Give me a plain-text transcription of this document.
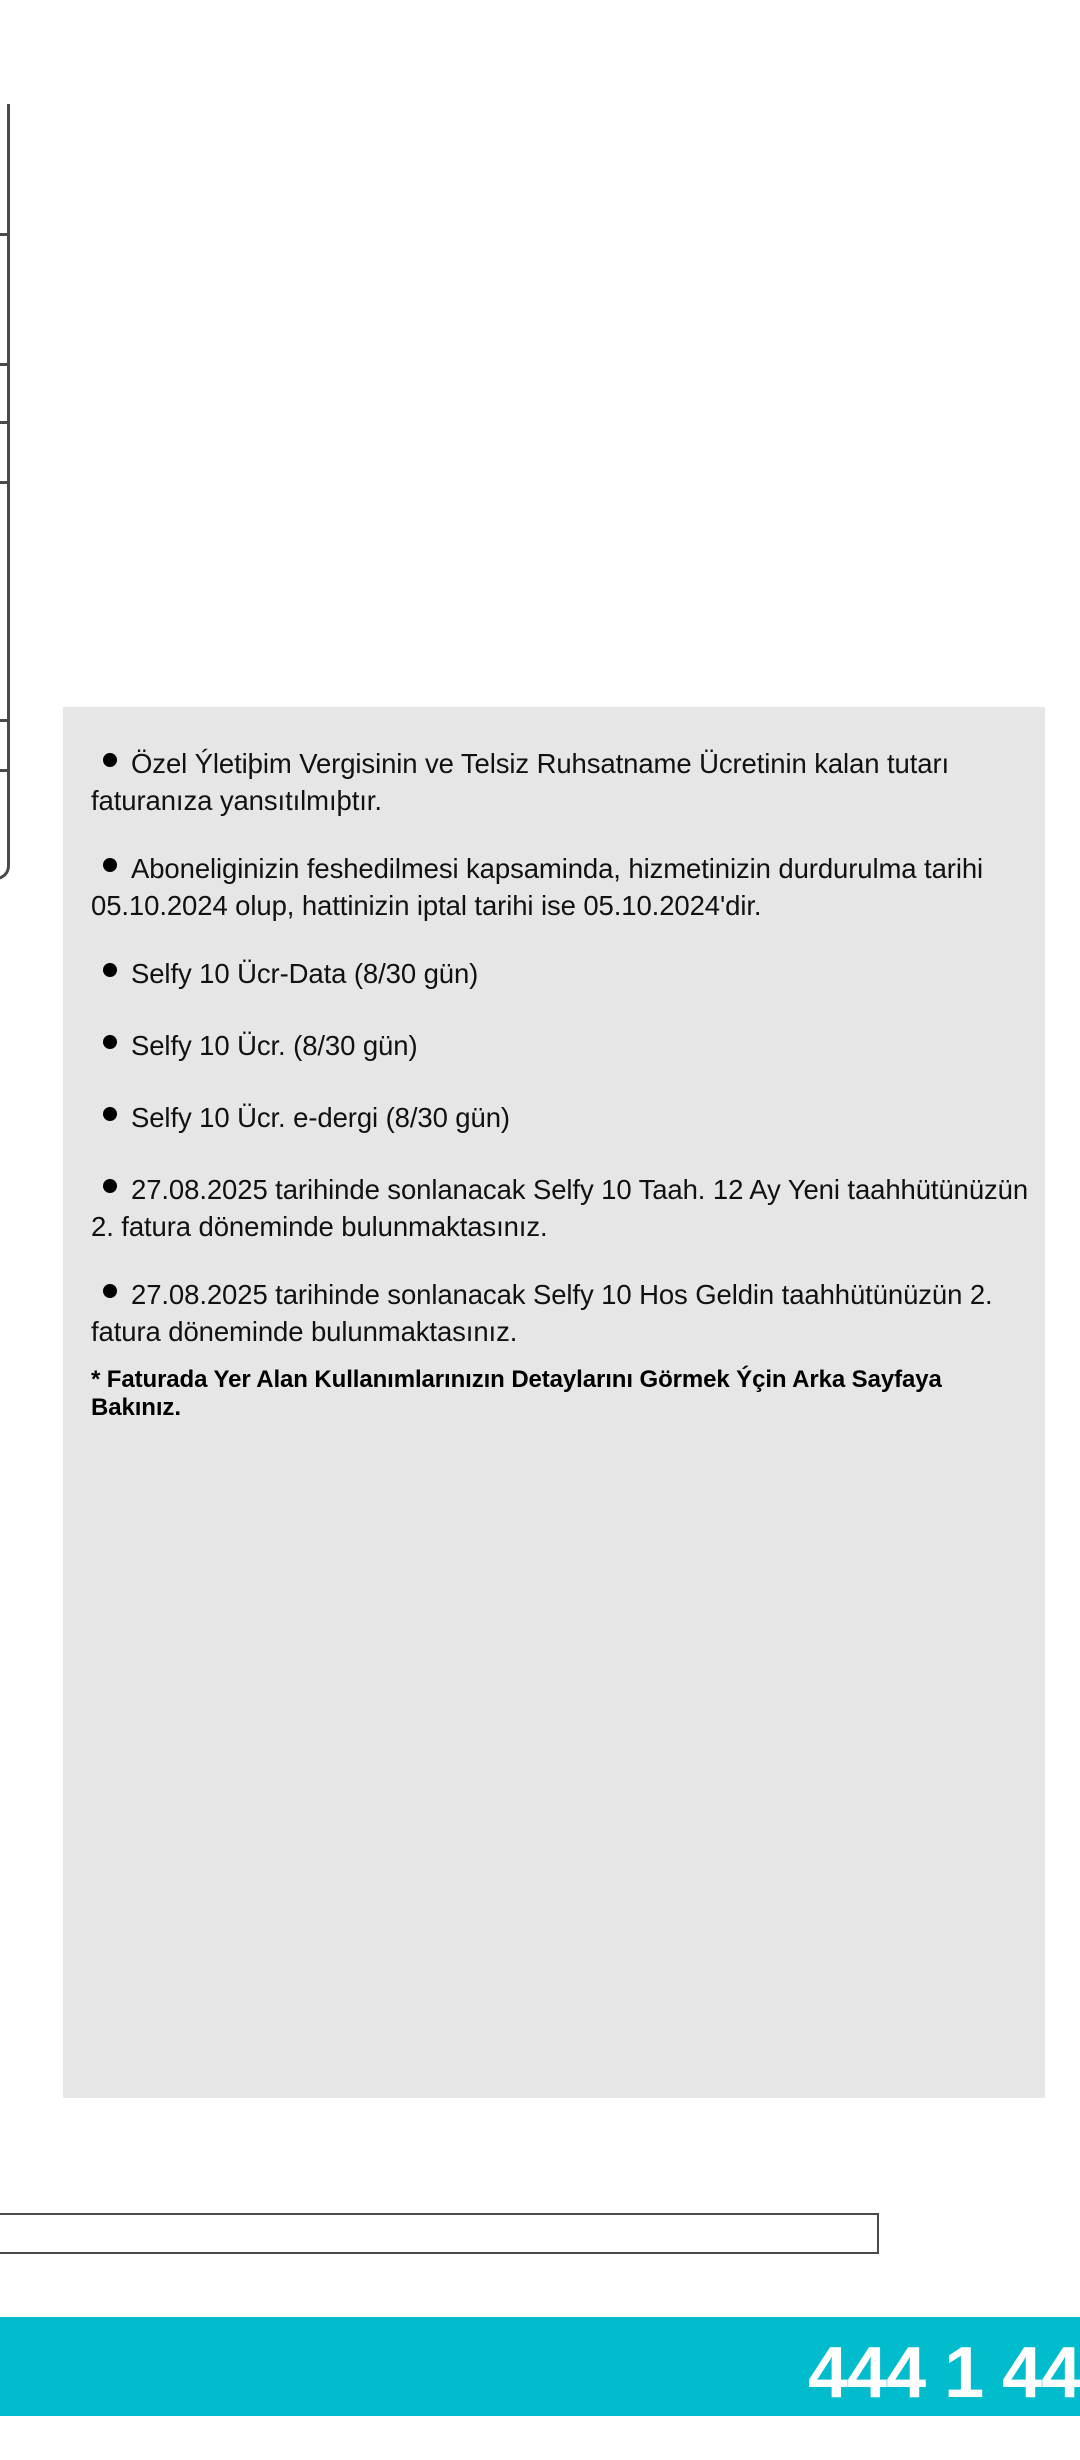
Özel Ýletiþim Vergisinin ve Telsiz Ruhsatname Ücretinin kalan tutarı faturanıza yansıtılmıþtır.
Aboneliginizin feshedilmesi kapsaminda, hizmetinizin durdurulma tarihi 05.10.2024 olup, hattinizin iptal tarihi ise 05.10.2024'dir.
Selfy 10 Ücr-Data (8/30 gün)
Selfy 10 Ücr. (8/30 gün)
Selfy 10 Ücr. e-dergi (8/30 gün)
27.08.2025 tarihinde sonlanacak Selfy 10 Taah. 12 Ay Yeni taahhütünüzün 2. fatura döneminde bulunmaktasınız.
27.08.2025 tarihinde sonlanacak Selfy 10 Hos Geldin taahhütünüzün 2. fatura döneminde bulunmaktasınız.
* Faturada Yer Alan Kullanımlarınızın Detaylarını Görmek Ýçin Arka Sayfaya Bakınız.
444 1 44
